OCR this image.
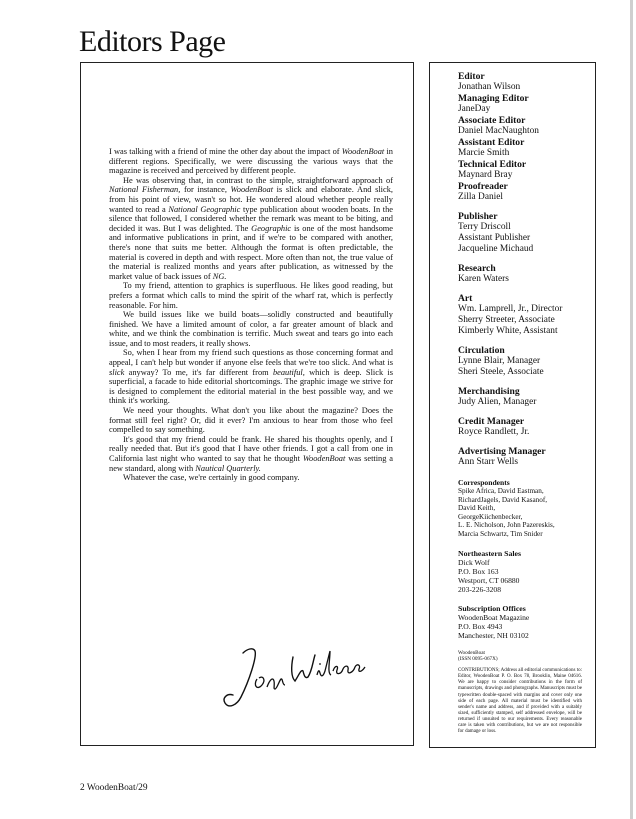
Editors Page

I was talking with a friend of mine the other day about the impact of WoodenBoat in different regions. Specifically, we were discussing the various ways that the magazine is received and perceived by different people.

He was observing that, in contrast to the simple, straightforward approach of National Fisherman, for instance, WoodenBoat is slick and elaborate. And slick, from his point of view, wasn't so hot. He wondered aloud whether people really wanted to read a National Geographic type publication about wooden boats. In the silence that followed, I considered whether the remark was meant to be biting, and decided it was. But I was delighted. The Geographic is one of the most handsome and informative publications in print, and if we're to be compared with another, there's none that suits me better. Although the format is often predictable, the material is covered in depth and with respect. More often than not, the true value of the material is realized months and years after publication, as witnessed by the market value of back issues of NG.

To my friend, attention to graphics is superfluous. He likes good reading, but prefers a format which calls to mind the spirit of the wharf rat, which is perfectly reasonable. For him.

We build issues like we build boats—solidly constructed and beautifully finished. We have a limited amount of color, a far greater amount of black and white, and we think the combination is terrific. Much sweat and tears go into each issue, and to most readers, it really shows.

So, when I hear from my friend such questions as those concerning format and appeal, I can't help but wonder if anyone else feels that we're too slick. And what is slick anyway? To me, it's far different from beautiful, which is deep. Slick is superficial, a facade to hide editorial shortcomings. The graphic image we strive for is designed to complement the editorial material in the best possible way, and we think it's working.

We need your thoughts. What don't you like about the magazine? Does the format still feel right? Or, did it ever? I'm anxious to hear from those who feel compelled to say something.

It's good that my friend could be frank. He shared his thoughts openly, and I really needed that. But it's good that I have other friends. I got a call from one in California last night who wanted to say that he thought WoodenBoat was setting a new standard, along with Nautical Quarterly.

Whatever the case, we're certainly in good company.

Editor
Jonathan Wilson
Managing Editor
JaneDay
Associate Editor
Daniel MacNaughton
Assistant Editor
Marcie Smith
Technical Editor
Maynard Bray
Proofreader
Zilla Daniel
Publisher
Terry Driscoll
Assistant Publisher
Jacqueline Michaud
Research
Karen Waters
Art
Wm. Lamprell, Jr., Director
Sherry Streeter, Associate
Kimberly White, Assistant
Circulation
Lynne Blair, Manager
Sheri Steele, Associate
Merchandising
Judy Alien, Manager
Credit Manager
Royce Randlett, Jr.
Advertising Manager
Ann Starr Wells
Correspondents
Spike Africa, David Eastman,
RichardJagels, David Kasanof,
David Keith,
GeorgeKiichenbecker,
L. E. Nicholson, John Pazereskis,
Marcia Schwartz, Tim Snider
Northeastern Sales
Dick Wolf
P.O. Box 163
Westport, CT 06880
203-226-3208
Subscription Offices
WoodenBoat Magazine
P.O. Box 4943
Manchester, NH 03102
WoodenBoat
(ISSN 0095-067X)
CONTRIBUTIONS; Address all editorial communications to: Editor, WoodenBoat P. O. Box 78, Brooklin, Maine 04616. We are happy to consider contributions in the form of manuscripts, drawings and photographs. Manuscripts must be typewritten double-spaced with margins and cover only one side of each page. All material must be identified with sender's name and address, and if provided with a suitably sized, sufficiently stamped, self addressed envelope, will be returned if unsuited to our requirements. Every reasonable care is taken with contributions, but we are not responsible for damage or loss.
2 WoodenBoat/29
